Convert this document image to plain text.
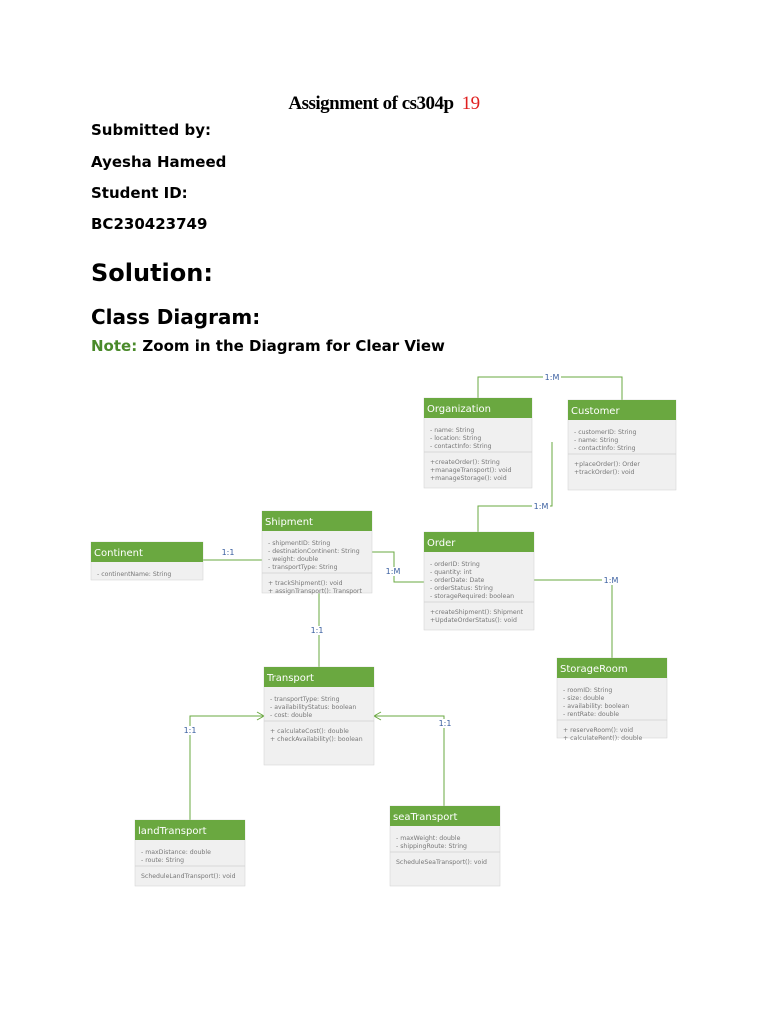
Assignment of cs304p 19
Submitted by:
Ayesha Hameed
Student ID:
BC230423749
Solution:
Class Diagram:
Note: Zoom in the Diagram for Clear View
Organization
- name: String
- location: String
- contactInfo: String
+createOrder(): String
+manageTransport(): void
+manageStorage(): void
Customer
- customerID: String
- name: String
- contactInfo: String
+placeOrder(): Order
+trackOrder(): void
Shipment
- shipmentID: String
- destinationContinent: String
- weight: double
- transportType: String
+ trackShipment(): void
+ assignTransport(): Transport
Continent
- continentName: String
Order
- orderID: String
- quantity: int
- orderDate: Date
- orderStatus: String
- storageRequired: boolean
+createShipment(): Shipment
+UpdateOrderStatus(): void
StorageRoom
- roomID: String
- size: double
- availability: boolean
- rentRate: double
+ reserveRoom(): void
+ calculateRent(): double
Transport
- transportType: String
- availabilityStatus: boolean
- cost: double
+ calculateCost(): double
+ checkAvailability(): boolean
landTransport
- maxDistance: double
- route: String
ScheduleLandTransport(): void
seaTransport
- maxWeight: double
- shippingRoute: String
ScheduleSeaTransport(): void
1:M
1:M
1:1
1:M
1:M
1:1
1:1
1:1
